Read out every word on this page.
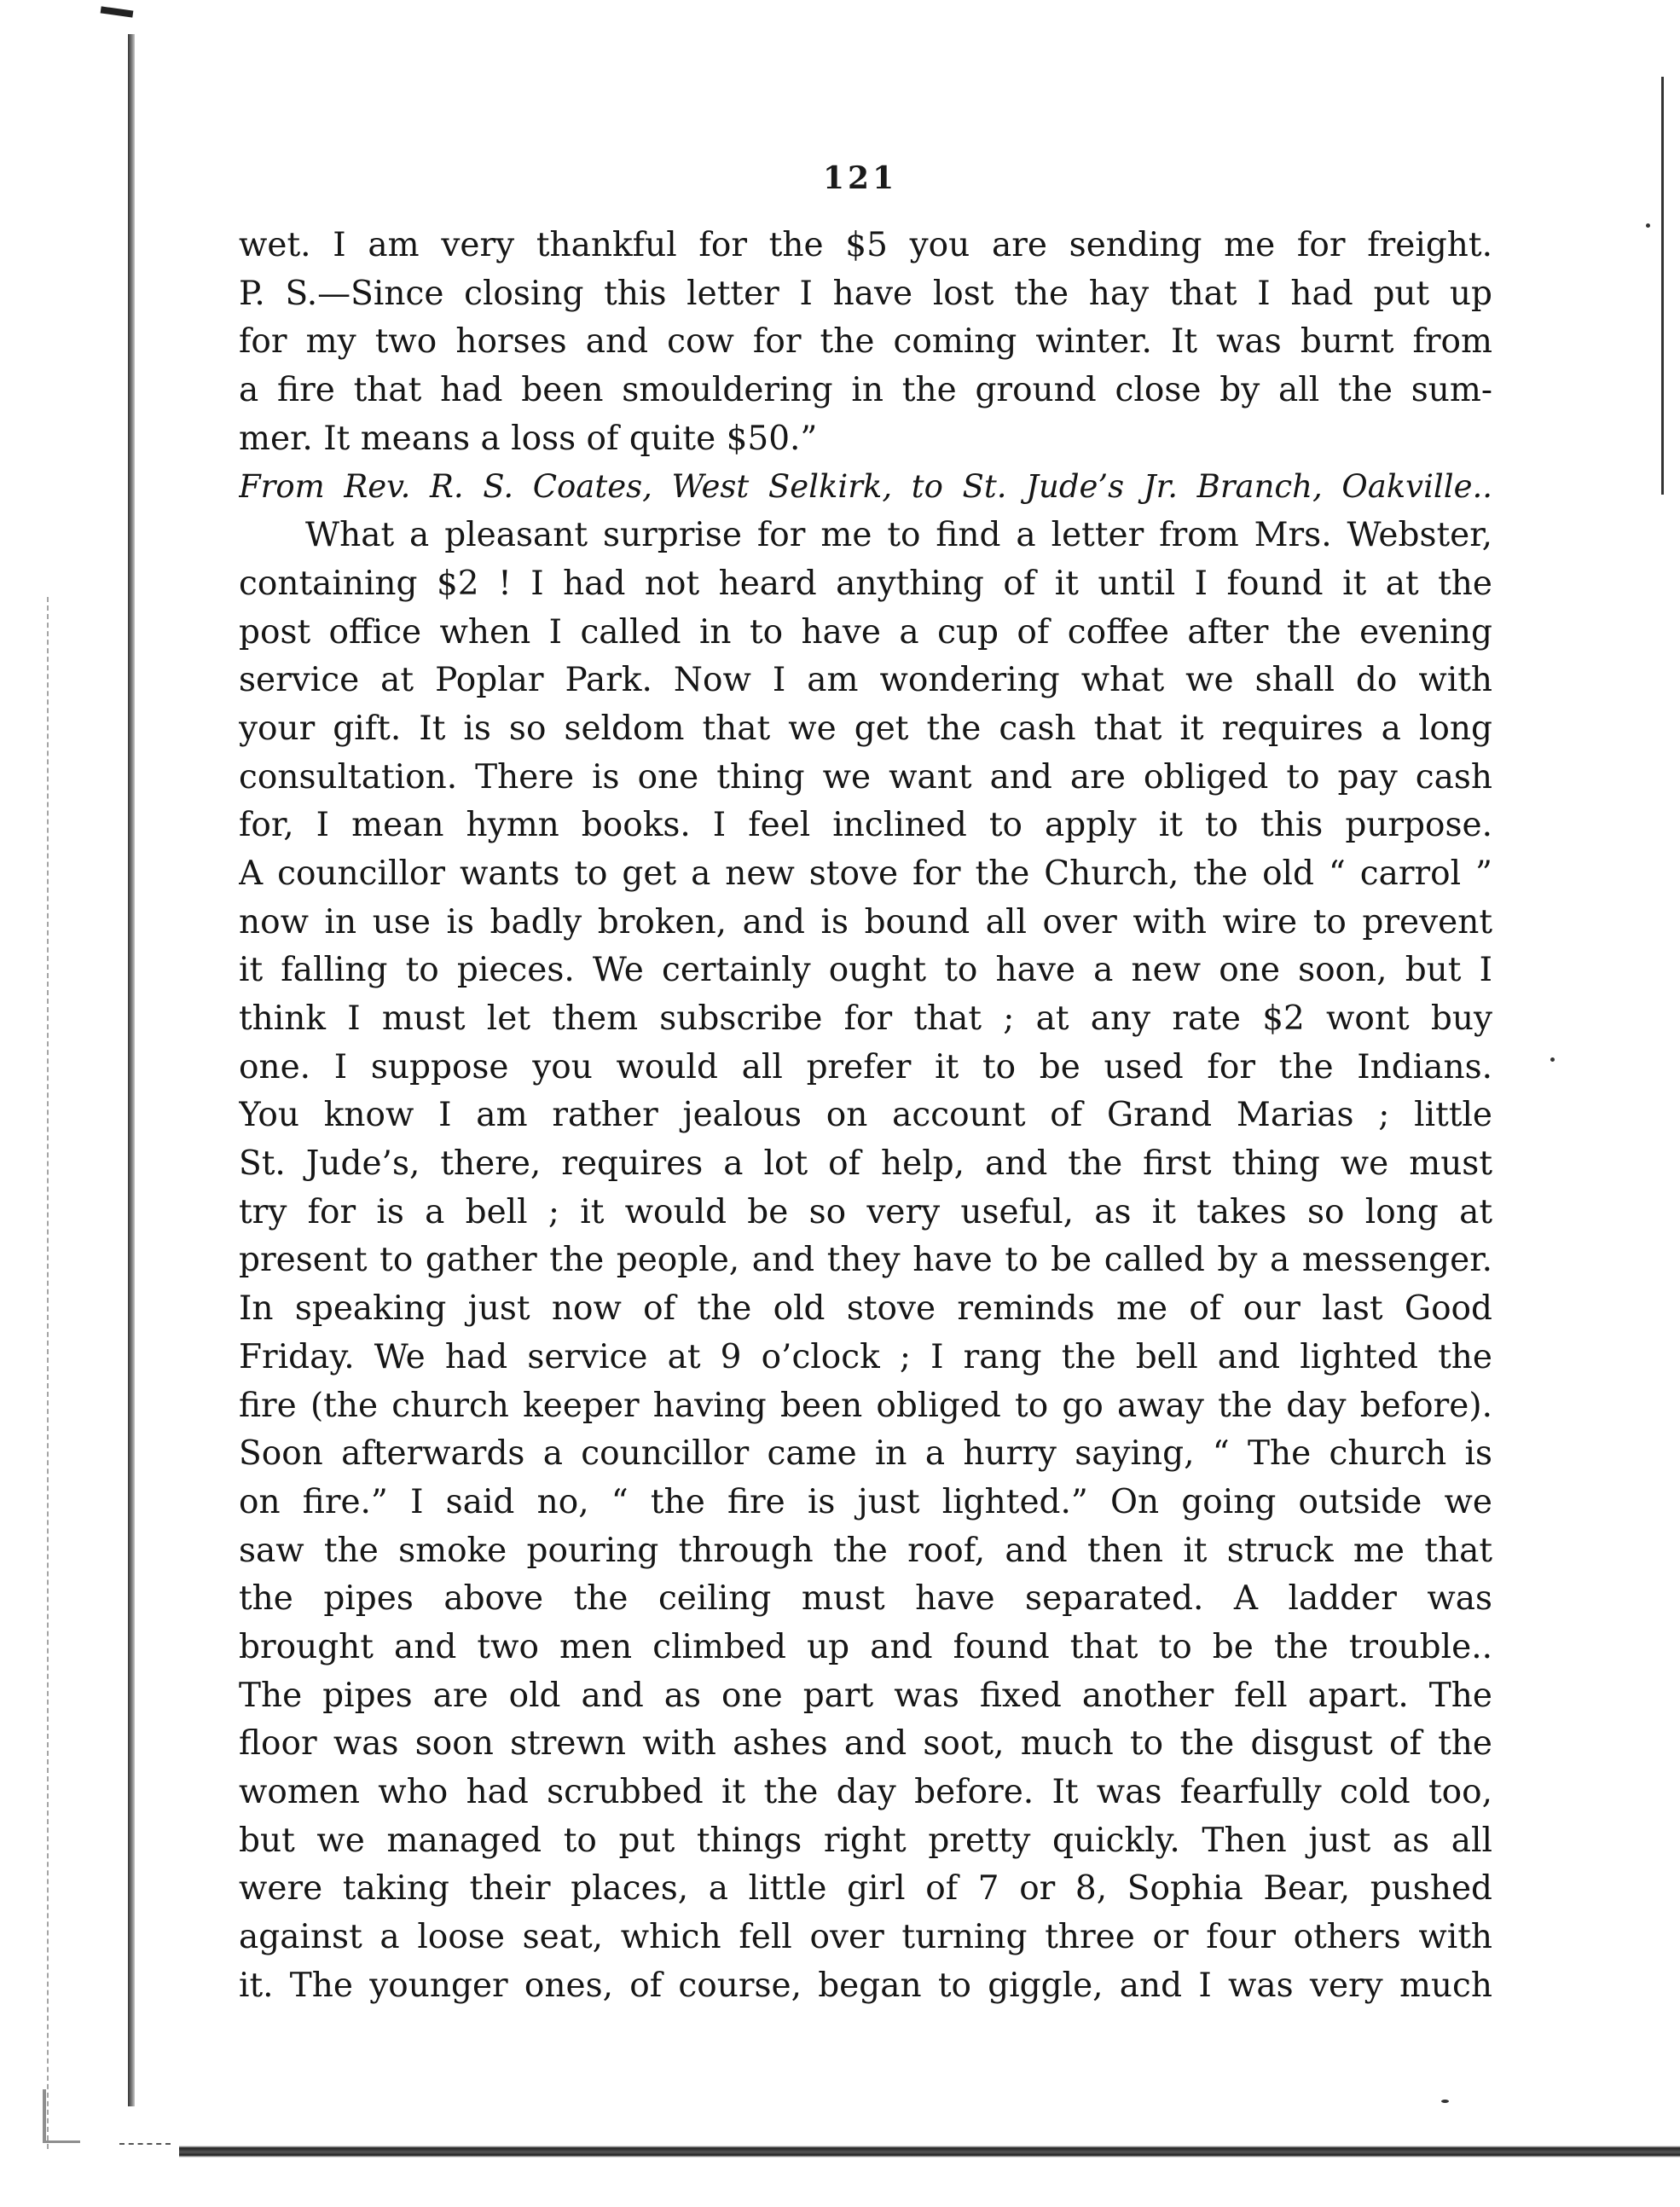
121
wet. I am very thankful for the $5 you are sending me for freight.
P. S.—Since closing this letter I have lost the hay that I had put up
for my two horses and cow for the coming winter. It was burnt from
a fire that had been smouldering in the ground close by all the sum-
mer. It means a loss of quite $50.”
From Rev. R. S. Coates, West Selkirk, to St. Jude’s Jr. Branch, Oakville..
What a pleasant surprise for me to find a letter from Mrs. Webster,
containing $2 ! I had not heard anything of it until I found it at the
post office when I called in to have a cup of coffee after the evening
service at Poplar Park. Now I am wondering what we shall do with
your gift. It is so seldom that we get the cash that it requires a long
consultation. There is one thing we want and are obliged to pay cash
for, I mean hymn books. I feel inclined to apply it to this purpose.
A councillor wants to get a new stove for the Church, the old “ carrol ”
now in use is badly broken, and is bound all over with wire to prevent
it falling to pieces. We certainly ought to have a new one soon, but I
think I must let them subscribe for that ; at any rate $2 wont buy
one. I suppose you would all prefer it to be used for the Indians.
You know I am rather jealous on account of Grand Marias ; little
St. Jude’s, there, requires a lot of help, and the first thing we must
try for is a bell ; it would be so very useful, as it takes so long at
present to gather the people, and they have to be called by a messenger.
In speaking just now of the old stove reminds me of our last Good
Friday. We had service at 9 o’clock ; I rang the bell and lighted the
fire (the church keeper having been obliged to go away the day before).
Soon afterwards a councillor came in a hurry saying, “ The church is
on fire.” I said no, “ the fire is just lighted.” On going outside we
saw the smoke pouring through the roof, and then it struck me that
the pipes above the ceiling must have separated. A ladder was
brought and two men climbed up and found that to be the trouble..
The pipes are old and as one part was fixed another fell apart. The
floor was soon strewn with ashes and soot, much to the disgust of the
women who had scrubbed it the day before. It was fearfully cold too,
but we managed to put things right pretty quickly. Then just as all
were taking their places, a little girl of 7 or 8, Sophia Bear, pushed
against a loose seat, which fell over turning three or four others with
it. The younger ones, of course, began to giggle, and I was very much
